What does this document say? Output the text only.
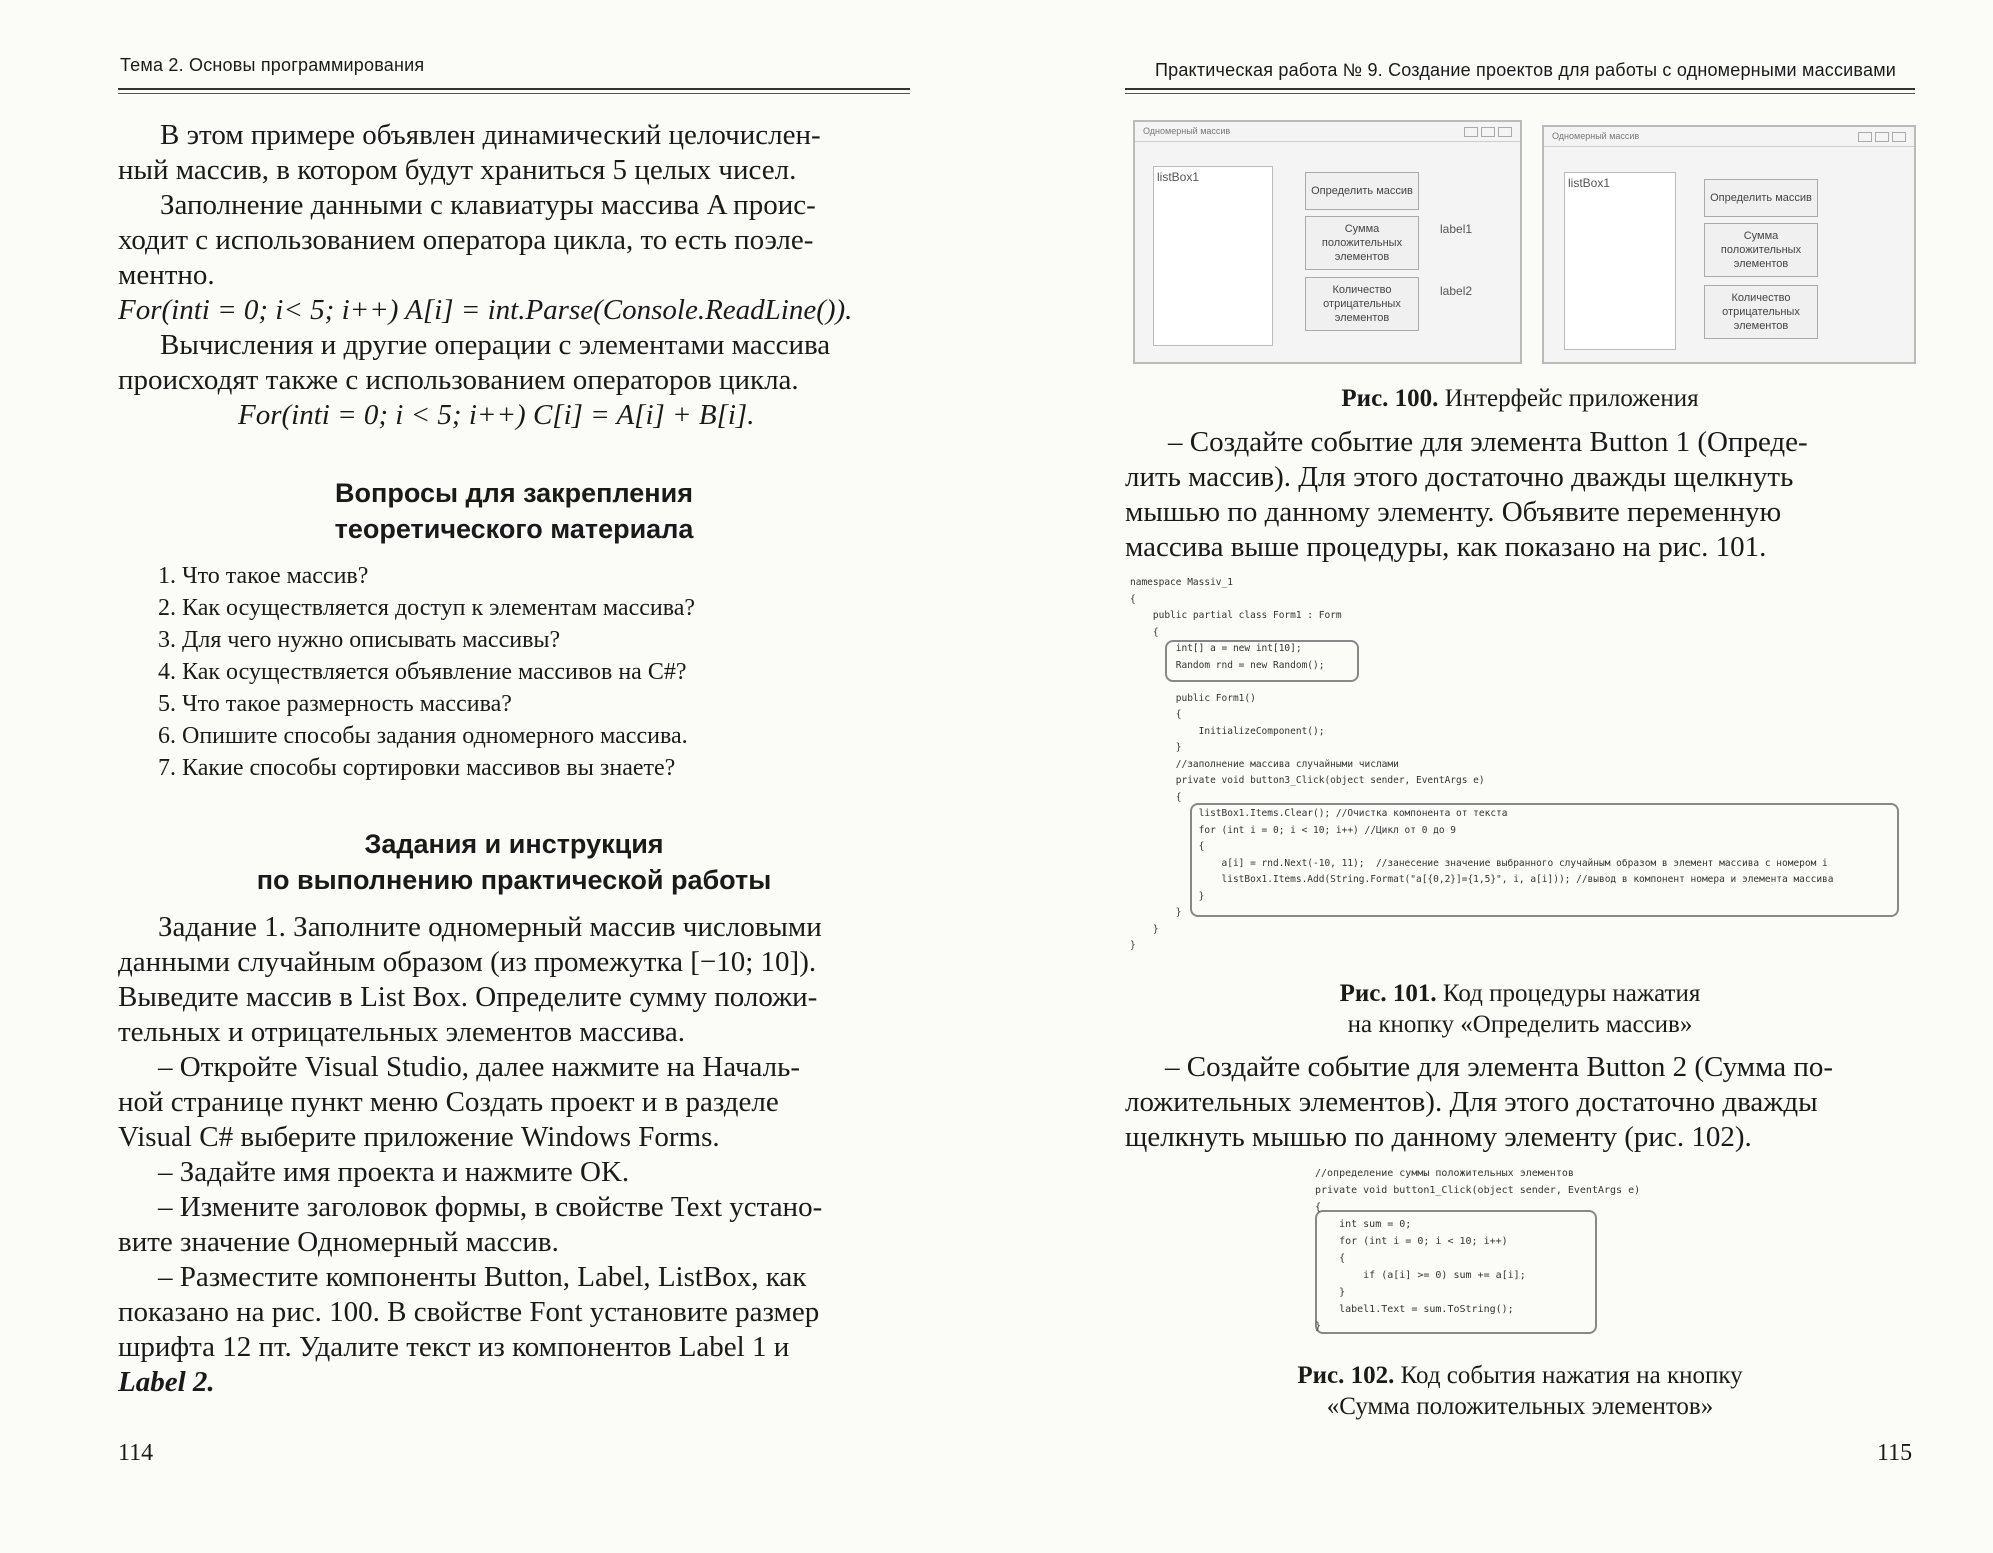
Тема 2. Основы программирования

В этом примере объявлен динамический целочислен-

ный массив, в котором будут храниться 5 целых чисел.

Заполнение данными с клавиатуры массива A проис-

ходит с использованием оператора цикла, то есть поэле-

ментно.

For(inti = 0; i< 5; i++) A[i] = int.Parse(Console.ReadLine()).

Вычисления и другие операции с элементами массива

происходят также с использованием операторов цикла.

For(inti = 0; i < 5; i++) C[i] = A[i] + B[i].

Вопросы для закрепления
теоретического материала
1. Что такое массив?
2. Как осуществляется доступ к элементам массива?
3. Для чего нужно описывать массивы?
4. Как осуществляется объявление массивов на C#?
5. Что такое размерность массива?
6. Опишите способы задания одномерного массива.
7. Какие способы сортировки массивов вы знаете?
Задания и инструкция
по выполнению практической работы

Задание 1. Заполните одномерный массив числовыми

данными случайным образом (из промежутка [−10; 10]).

Выведите массив в List Box. Определите сумму положи-

тельных и отрицательных элементов массива.

– Откройте Visual Studio, далее нажмите на Началь-

ной странице пункт меню Создать проект и в разделе

Visual C# выберите приложение Windows Forms.

– Задайте имя проекта и нажмите OK.

– Измените заголовок формы, в свойстве Text устано-

вите значение Одномерный массив.

– Разместите компоненты Button, Label, ListBox, как

показано на рис. 100. В свойстве Font установите размер

шрифта 12 пт. Удалите текст из компонентов Label 1 и

Label 2.

114
Практическая работа № 9. Создание проектов для работы с одномерными массивами
Одномерный массив
listBox1
Определить массив
Сумма положительных элементов
Количество отрицательных элементов
label1
label2
Одномерный массив
listBox1
Определить массив
Сумма положительных элементов
Количество отрицательных элементов
Рис. 100. Интерфейс приложения

– Создайте событие для элемента Button 1 (Опреде-

лить массив). Для этого достаточно дважды щелкнуть

мышью по данному элементу. Объявите переменную

массива выше процедуры, как показано на рис. 101.

namespace Massiv_1
{
public partial class Form1 : Form
{
int[] a = new int[10];
Random rnd = new Random();

public Form1()
{
InitializeComponent();
}
//заполнение массива случайными числами
private void button3_Click(object sender, EventArgs e)
{
listBox1.Items.Clear(); //Очистка компонента от текста
for (int i = 0; i < 10; i++) //Цикл от 0 до 9
{
a[i] = rnd.Next(-10, 11);  //занесение значение выбранного случайным образом в элемент массива с номером i
listBox1.Items.Add(String.Format("a[{0,2}]={1,5}", i, a[i])); //вывод в компонент номера и элемента массива
}
}
}
}
Рис. 101. Код процедуры нажатия
на кнопку «Определить массив»

– Создайте событие для элемента Button 2 (Сумма по-

ложительных элементов). Для этого достаточно дважды

щелкнуть мышью по данному элементу (рис. 102).

//определение суммы положительных элементов
private void button1_Click(object sender, EventArgs e)
{
int sum = 0;
for (int i = 0; i < 10; i++)
{
if (a[i] >= 0) sum += a[i];
}
label1.Text = sum.ToString();
}
Рис. 102. Код события нажатия на кнопку
«Сумма положительных элементов»
115
